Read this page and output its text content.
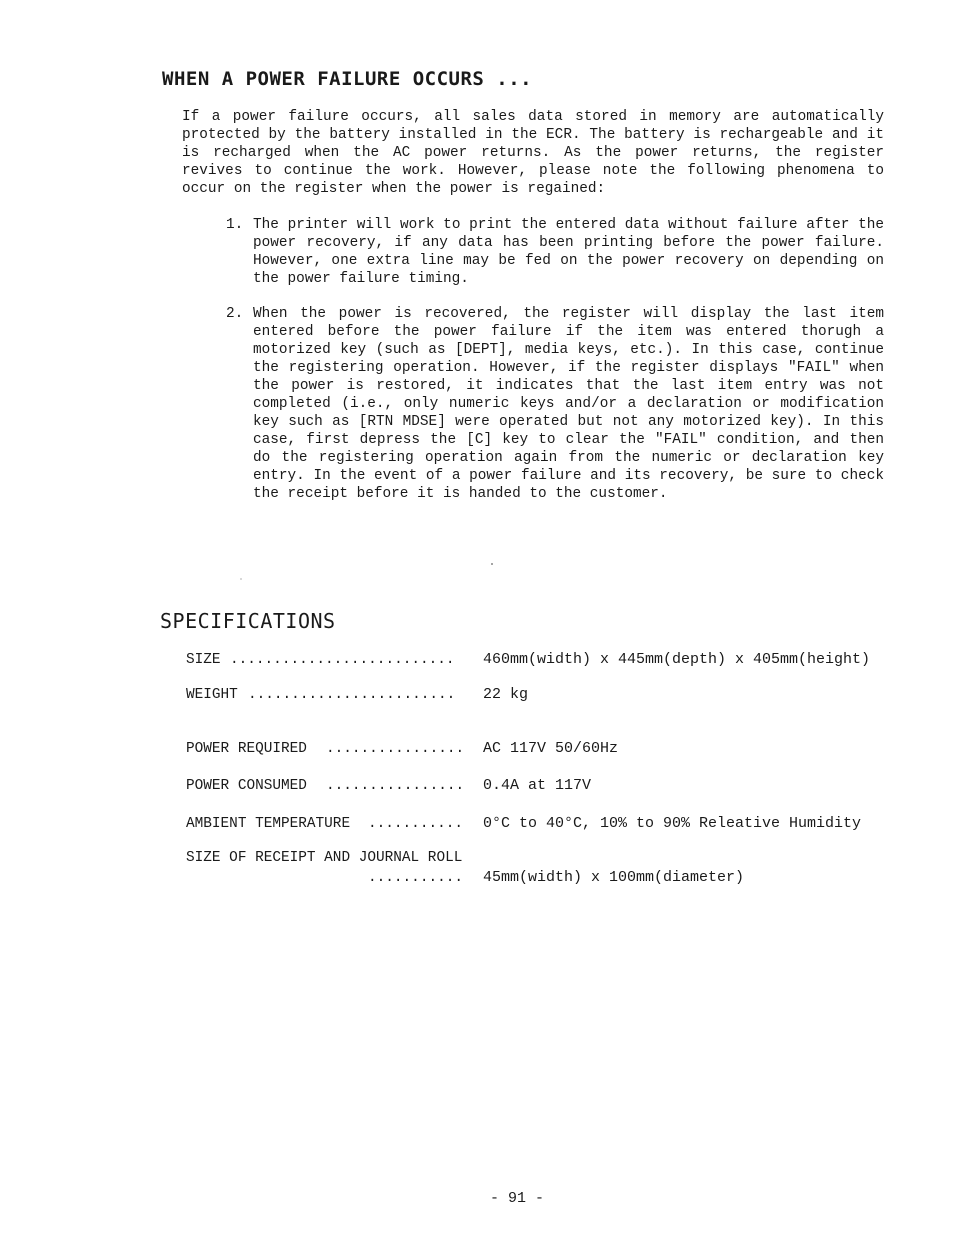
WHEN A POWER FAILURE OCCURS ...

If a power failure occurs, all sales data stored in memory are automatically protected by the battery installed in the ECR. The battery is rechargeable and it is recharged when the AC power returns. As the power returns, the register revives to continue the work. However, please note the following phenomena to occur on the register when the power is regained:

1. The printer will work to print the entered data without failure after the power recovery, if any data has been printing before the power failure. However, one extra line may be fed on the power recovery on depending on the power failure timing.
2. When the power is recovered, the register will display the last item entered before the power failure if the item was entered thorugh a motorized key (such as [DEPT], media keys, etc.). In this case, continue the registering operation. However, if the register displays "FAIL" when the power is restored, it indicates that the last item entry was not completed (i.e., only numeric keys and/or a declaration or modification key such as [RTN MDSE] were operated but not any motorized key). In this case, first depress the [C] key to clear the "FAIL" condition, and then do the registering operation again from the numeric or declaration key entry. In the event of a power failure and its recovery, be sure to check the receipt before it is handed to the customer.
SPECIFICATIONS
SIZE .......................... 460mm(width) x 445mm(depth) x 405mm(height)
WEIGHT ........................ 22 kg
POWER REQUIRED ................ AC 117V 50/60Hz
POWER CONSUMED ................ 0.4A at 117V
AMBIENT TEMPERATURE ........... 0°C to 40°C, 10% to 90% Releative Humidity
SIZE OF RECEIPT AND JOURNAL ROLL
........... 45mm(width) x 100mm(diameter)
- 91 -
